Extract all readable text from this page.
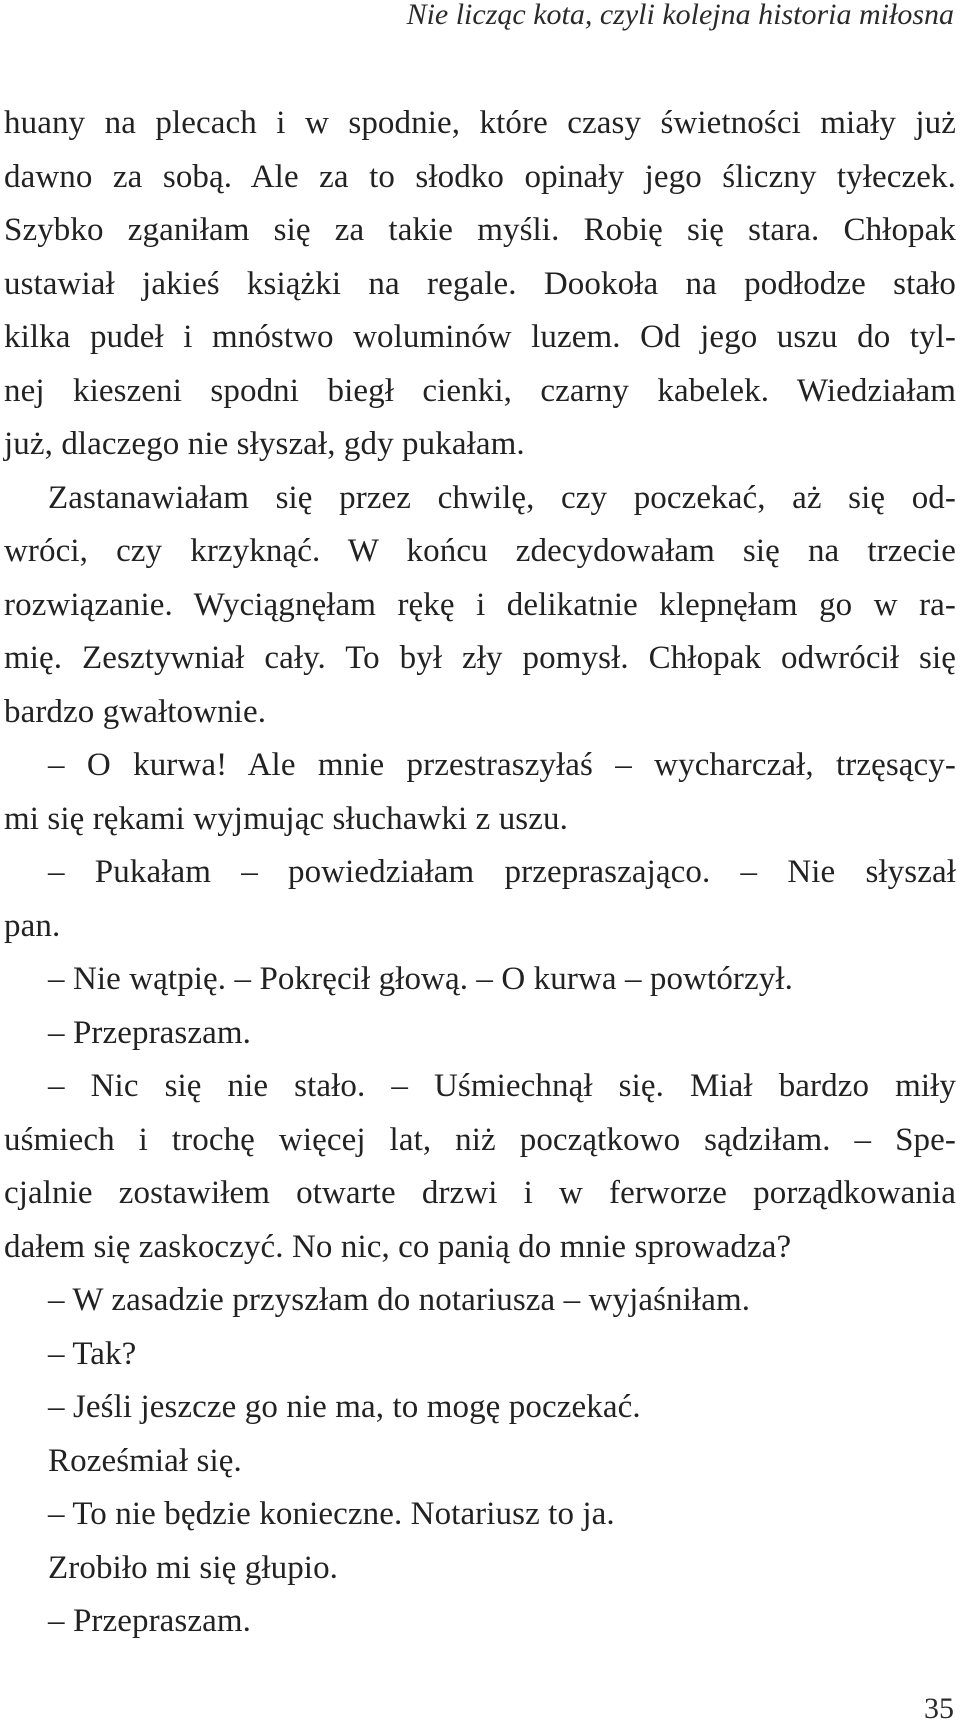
Nie licząc kota, czyli kolejna historia miłosna
huany na plecach i w spodnie, które czasy świetności miały już
dawno za sobą. Ale za to słodko opinały jego śliczny tyłeczek.
Szybko zganiłam się za takie myśli. Robię się stara. Chłopak
ustawiał jakieś książki na regale. Dookoła na podłodze stało
kilka pudeł i mnóstwo woluminów luzem. Od jego uszu do tyl-
nej kieszeni spodni biegł cienki, czarny kabelek. Wiedziałam
już, dlaczego nie słyszał, gdy pukałam.
Zastanawiałam się przez chwilę, czy poczekać, aż się od-
wróci, czy krzyknąć. W końcu zdecydowałam się na trzecie
rozwiązanie. Wyciągnęłam rękę i delikatnie klepnęłam go w ra-
mię. Zesztywniał cały. To był zły pomysł. Chłopak odwrócił się
bardzo gwałtownie.
– O kurwa! Ale mnie przestraszyłaś – wycharczał, trzęsący-
mi się rękami wyjmując słuchawki z uszu.
– Pukałam – powiedziałam przepraszająco. – Nie słyszał
pan.
– Nie wątpię. – Pokręcił głową. – O kurwa – powtórzył.
– Przepraszam.
– Nic się nie stało. – Uśmiechnął się. Miał bardzo miły
uśmiech i trochę więcej lat, niż początkowo sądziłam. – Spe-
cjalnie zostawiłem otwarte drzwi i w ferworze porządkowania
dałem się zaskoczyć. No nic, co panią do mnie sprowadza?
– W zasadzie przyszłam do notariusza – wyjaśniłam.
– Tak?
– Jeśli jeszcze go nie ma, to mogę poczekać.
Roześmiał się.
– To nie będzie konieczne. Notariusz to ja.
Zrobiło mi się głupio.
– Przepraszam.
35
